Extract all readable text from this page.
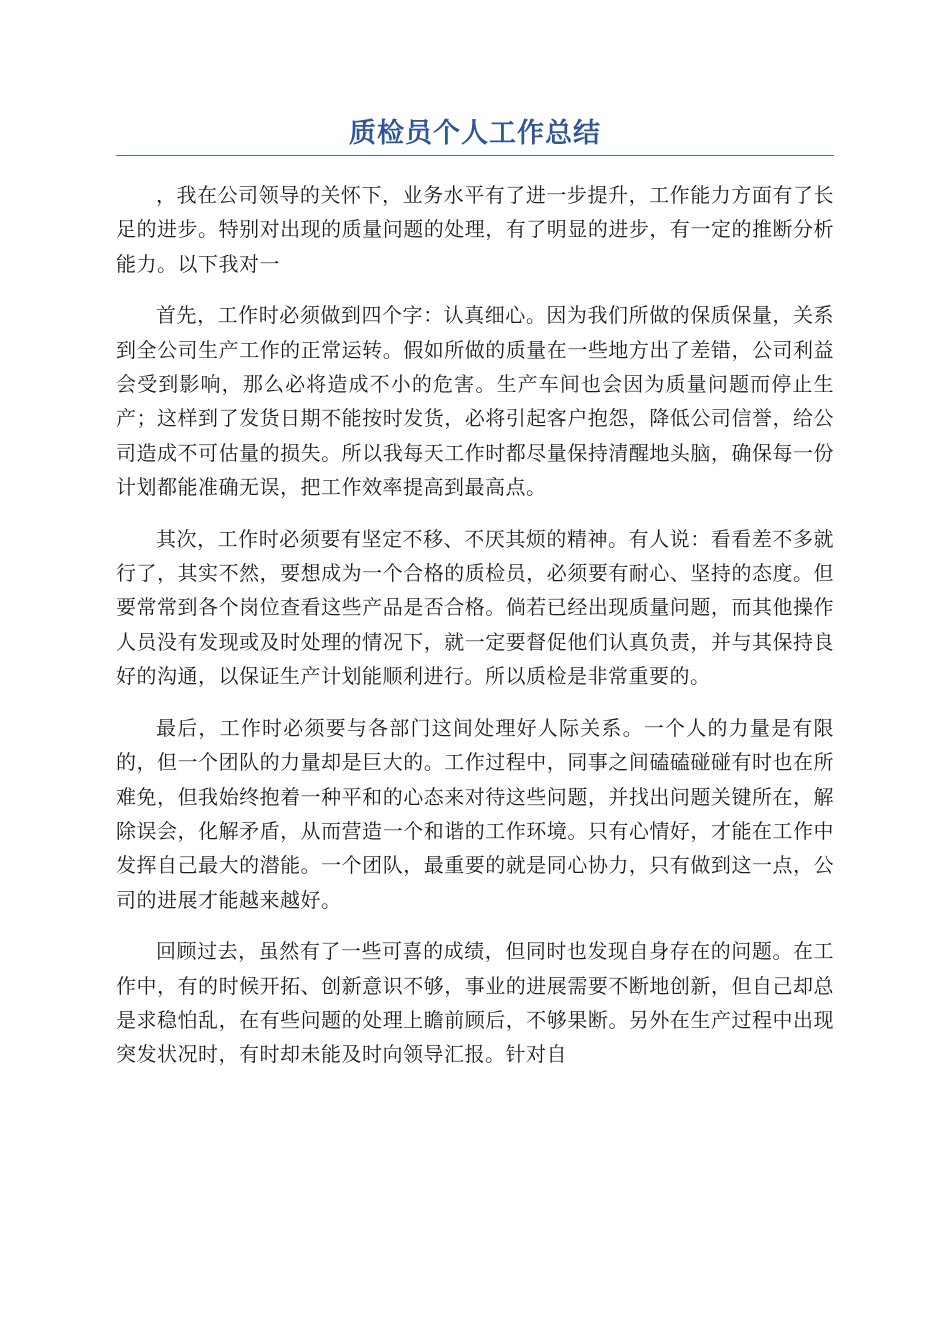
质检员个人工作总结

，我在公司领导的关怀下，业务水平有了进一步提升，工作能力方面有了长足的进步。特别对出现的质量问题的处理，有了明显的进步，有一定的推断分析能力。以下我对一

首先，工作时必须做到四个字：认真细心。因为我们所做的保质保量，关系到全公司生产工作的正常运转。假如所做的质量在一些地方出了差错，公司利益会受到影响，那么必将造成不小的危害。生产车间也会因为质量问题而停止生产；这样到了发货日期不能按时发货，必将引起客户抱怨，降低公司信誉，给公司造成不可估量的损失。所以我每天工作时都尽量保持清醒地头脑，确保每一份计划都能准确无误，把工作效率提高到最高点。

其次，工作时必须要有坚定不移、不厌其烦的精神。有人说：看看差不多就行了，其实不然，要想成为一个合格的质检员，必须要有耐心、坚持的态度。但要常常到各个岗位查看这些产品是否合格。倘若已经出现质量问题，而其他操作人员没有发现或及时处理的情况下，就一定要督促他们认真负责，并与其保持良好的沟通，以保证生产计划能顺利进行。所以质检是非常重要的。

最后，工作时必须要与各部门这间处理好人际关系。一个人的力量是有限的，但一个团队的力量却是巨大的。工作过程中，同事之间磕磕碰碰有时也在所难免，但我始终抱着一种平和的心态来对待这些问题，并找出问题关键所在，解除误会，化解矛盾，从而营造一个和谐的工作环境。只有心情好，才能在工作中发挥自己最大的潜能。一个团队，最重要的就是同心协力，只有做到这一点，公司的进展才能越来越好。

回顾过去，虽然有了一些可喜的成绩，但同时也发现自身存在的问题。在工作中，有的时候开拓、创新意识不够，事业的进展需要不断地创新，但自己却总是求稳怕乱，在有些问题的处理上瞻前顾后，不够果断。另外在生产过程中出现突发状况时，有时却未能及时向领导汇报。针对自
